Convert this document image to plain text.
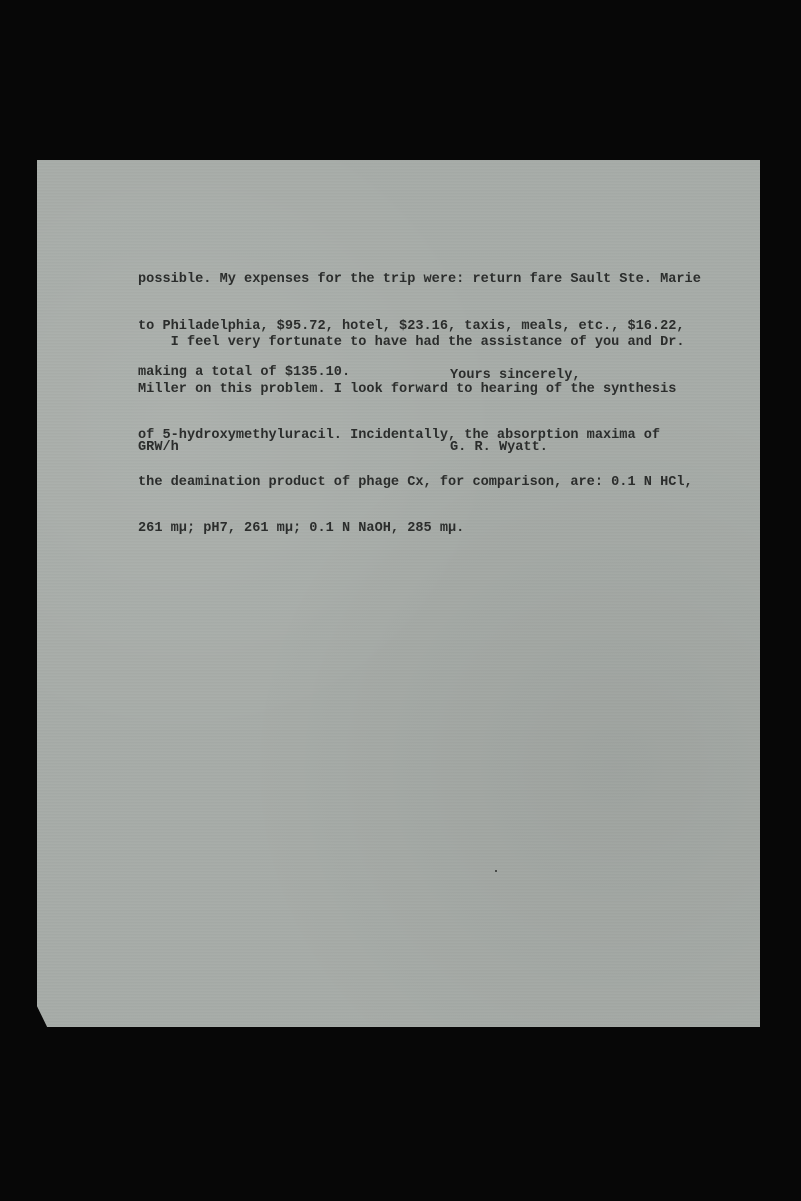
possible. My expenses for the trip were: return fare Sault Ste. Marie

to Philadelphia, $95.72, hotel, $23.16, taxis, meals, etc., $16.22,

making a total of $135.10.

I feel very fortunate to have had the assistance of you and Dr.

Miller on this problem. I look forward to hearing of the synthesis

of 5-hydroxymethyluracil. Incidentally, the absorption maxima of

the deamination product of phage Cx, for comparison, are: 0.1 N HCl,

261 mμ; pH7, 261 mμ; 0.1 N NaOH, 285 mμ.

Yours sincerely,
GRW/h	G. R. Wyatt.
